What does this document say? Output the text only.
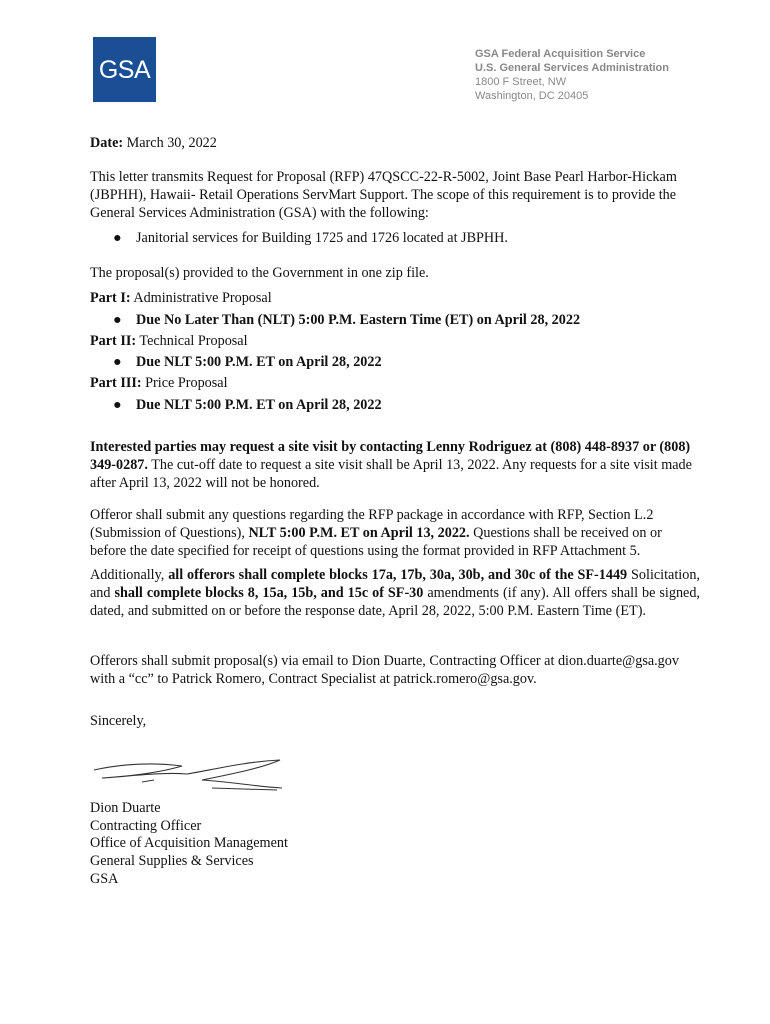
GSA
GSA Federal Acquisition Service
U.S. General Services Administration
1800 F Street, NW
Washington, DC 20405
Date: March 30, 2022
This letter transmits Request for Proposal (RFP) 47QSCC-22-R-5002, Joint Base Pearl Harbor-Hickam (JBPHH), Hawaii- Retail Operations ServMart Support. The scope of this requirement is to provide the General Services Administration (GSA) with the following:
● Janitorial services for Building 1725 and 1726 located at JBPHH.
The proposal(s) provided to the Government in one zip file.
Part I: Administrative Proposal
● Due No Later Than (NLT) 5:00 P.M. Eastern Time (ET) on April 28, 2022
Part II: Technical Proposal
● Due NLT 5:00 P.M. ET on April 28, 2022
Part III: Price Proposal
● Due NLT 5:00 P.M. ET on April 28, 2022
Interested parties may request a site visit by contacting Lenny Rodriguez at (808) 448-8937 or (808) 349-0287. The cut-off date to request a site visit shall be April 13, 2022. Any requests for a site visit made after April 13, 2022 will not be honored.
Offeror shall submit any questions regarding the RFP package in accordance with RFP, Section L.2 (Submission of Questions), NLT 5:00 P.M. ET on April 13, 2022. Questions shall be received on or before the date specified for receipt of questions using the format provided in RFP Attachment 5.
Additionally, all offerors shall complete blocks 17a, 17b, 30a, 30b, and 30c of the SF-1449 Solicitation, and shall complete blocks 8, 15a, 15b, and 15c of SF-30 amendments (if any). All offers shall be signed, dated, and submitted on or before the response date, April 28, 2022, 5:00 P.M. Eastern Time (ET).
Offerors shall submit proposal(s) via email to Dion Duarte, Contracting Officer at dion.duarte@gsa.gov with a “cc” to Patrick Romero, Contract Specialist at patrick.romero@gsa.gov.
Sincerely,
Dion Duarte
Contracting Officer
Office of Acquisition Management
General Supplies & Services
GSA
